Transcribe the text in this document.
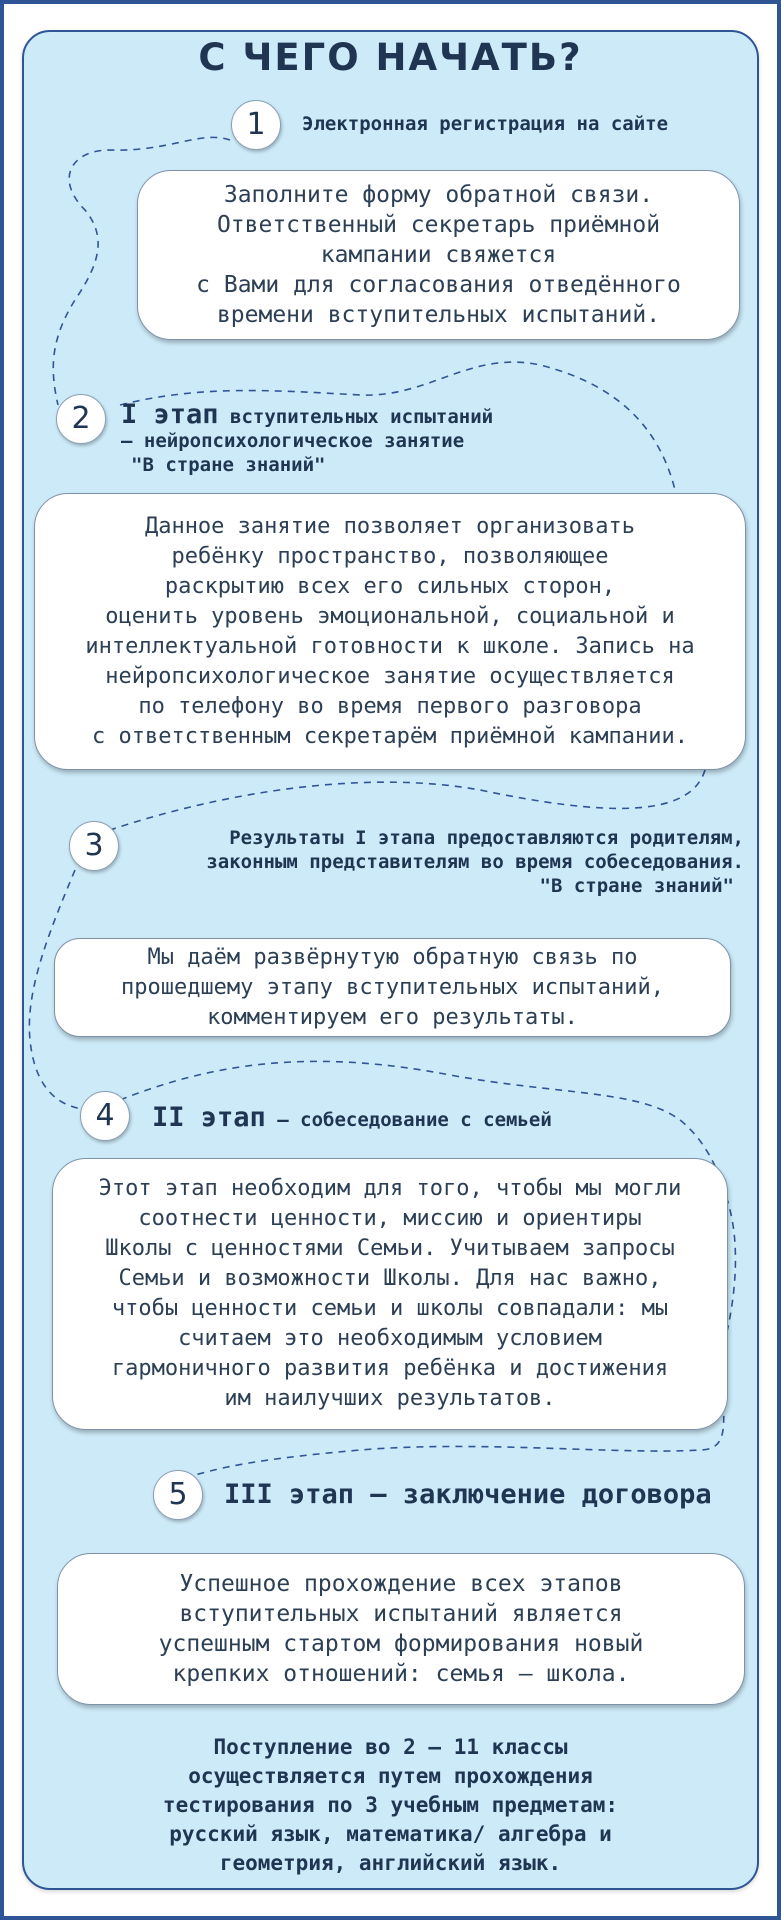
С ЧЕГО НАЧАТЬ?
1	Электронная регистрация на сайте
Заполните форму обратной связи.
Ответственный секретарь приёмной
кампании свяжется
с Вами для согласования отведённого
времени вступительных испытаний.
2	I этап вступительных испытаний
– нейропсихологическое занятие
"В стране знаний"
Данное занятие позволяет организовать
ребёнку пространство, позволяющее
раскрытию всех его сильных сторон,
оценить уровень эмоциональной, социальной и
интеллектуальной готовности к школе. Запись на
нейропсихологическое занятие осуществляется
по телефону во время первого разговора
с ответственным секретарём приёмной кампании.
3	Результаты I этапа предоставляются родителям,
законным представителям во время собеседования.
"В стране знаний"
Мы даём развёрнутую обратную связь по
прошедшему этапу вступительных испытаний,
комментируем его результаты.
4	II этап – собеседование с семьей
Этот этап необходим для того, чтобы мы могли
соотнести ценности, миссию и ориентиры
Школы с ценностями Семьи. Учитываем запросы
Семьи и возможности Школы. Для нас важно,
чтобы ценности семьи и школы совпадали: мы
считаем это необходимым условием
гармоничного развития ребёнка и достижения
им наилучших результатов.
5	III этап – заключение договора
Успешное прохождение всех этапов
вступительных испытаний является
успешным стартом формирования новый
крепких отношений: семья — школа.
Поступление во 2 — 11 классы
осуществляется путем прохождения
тестирования по 3 учебным предметам:
русский язык, математика/ алгебра и
геометрия, английский язык.
